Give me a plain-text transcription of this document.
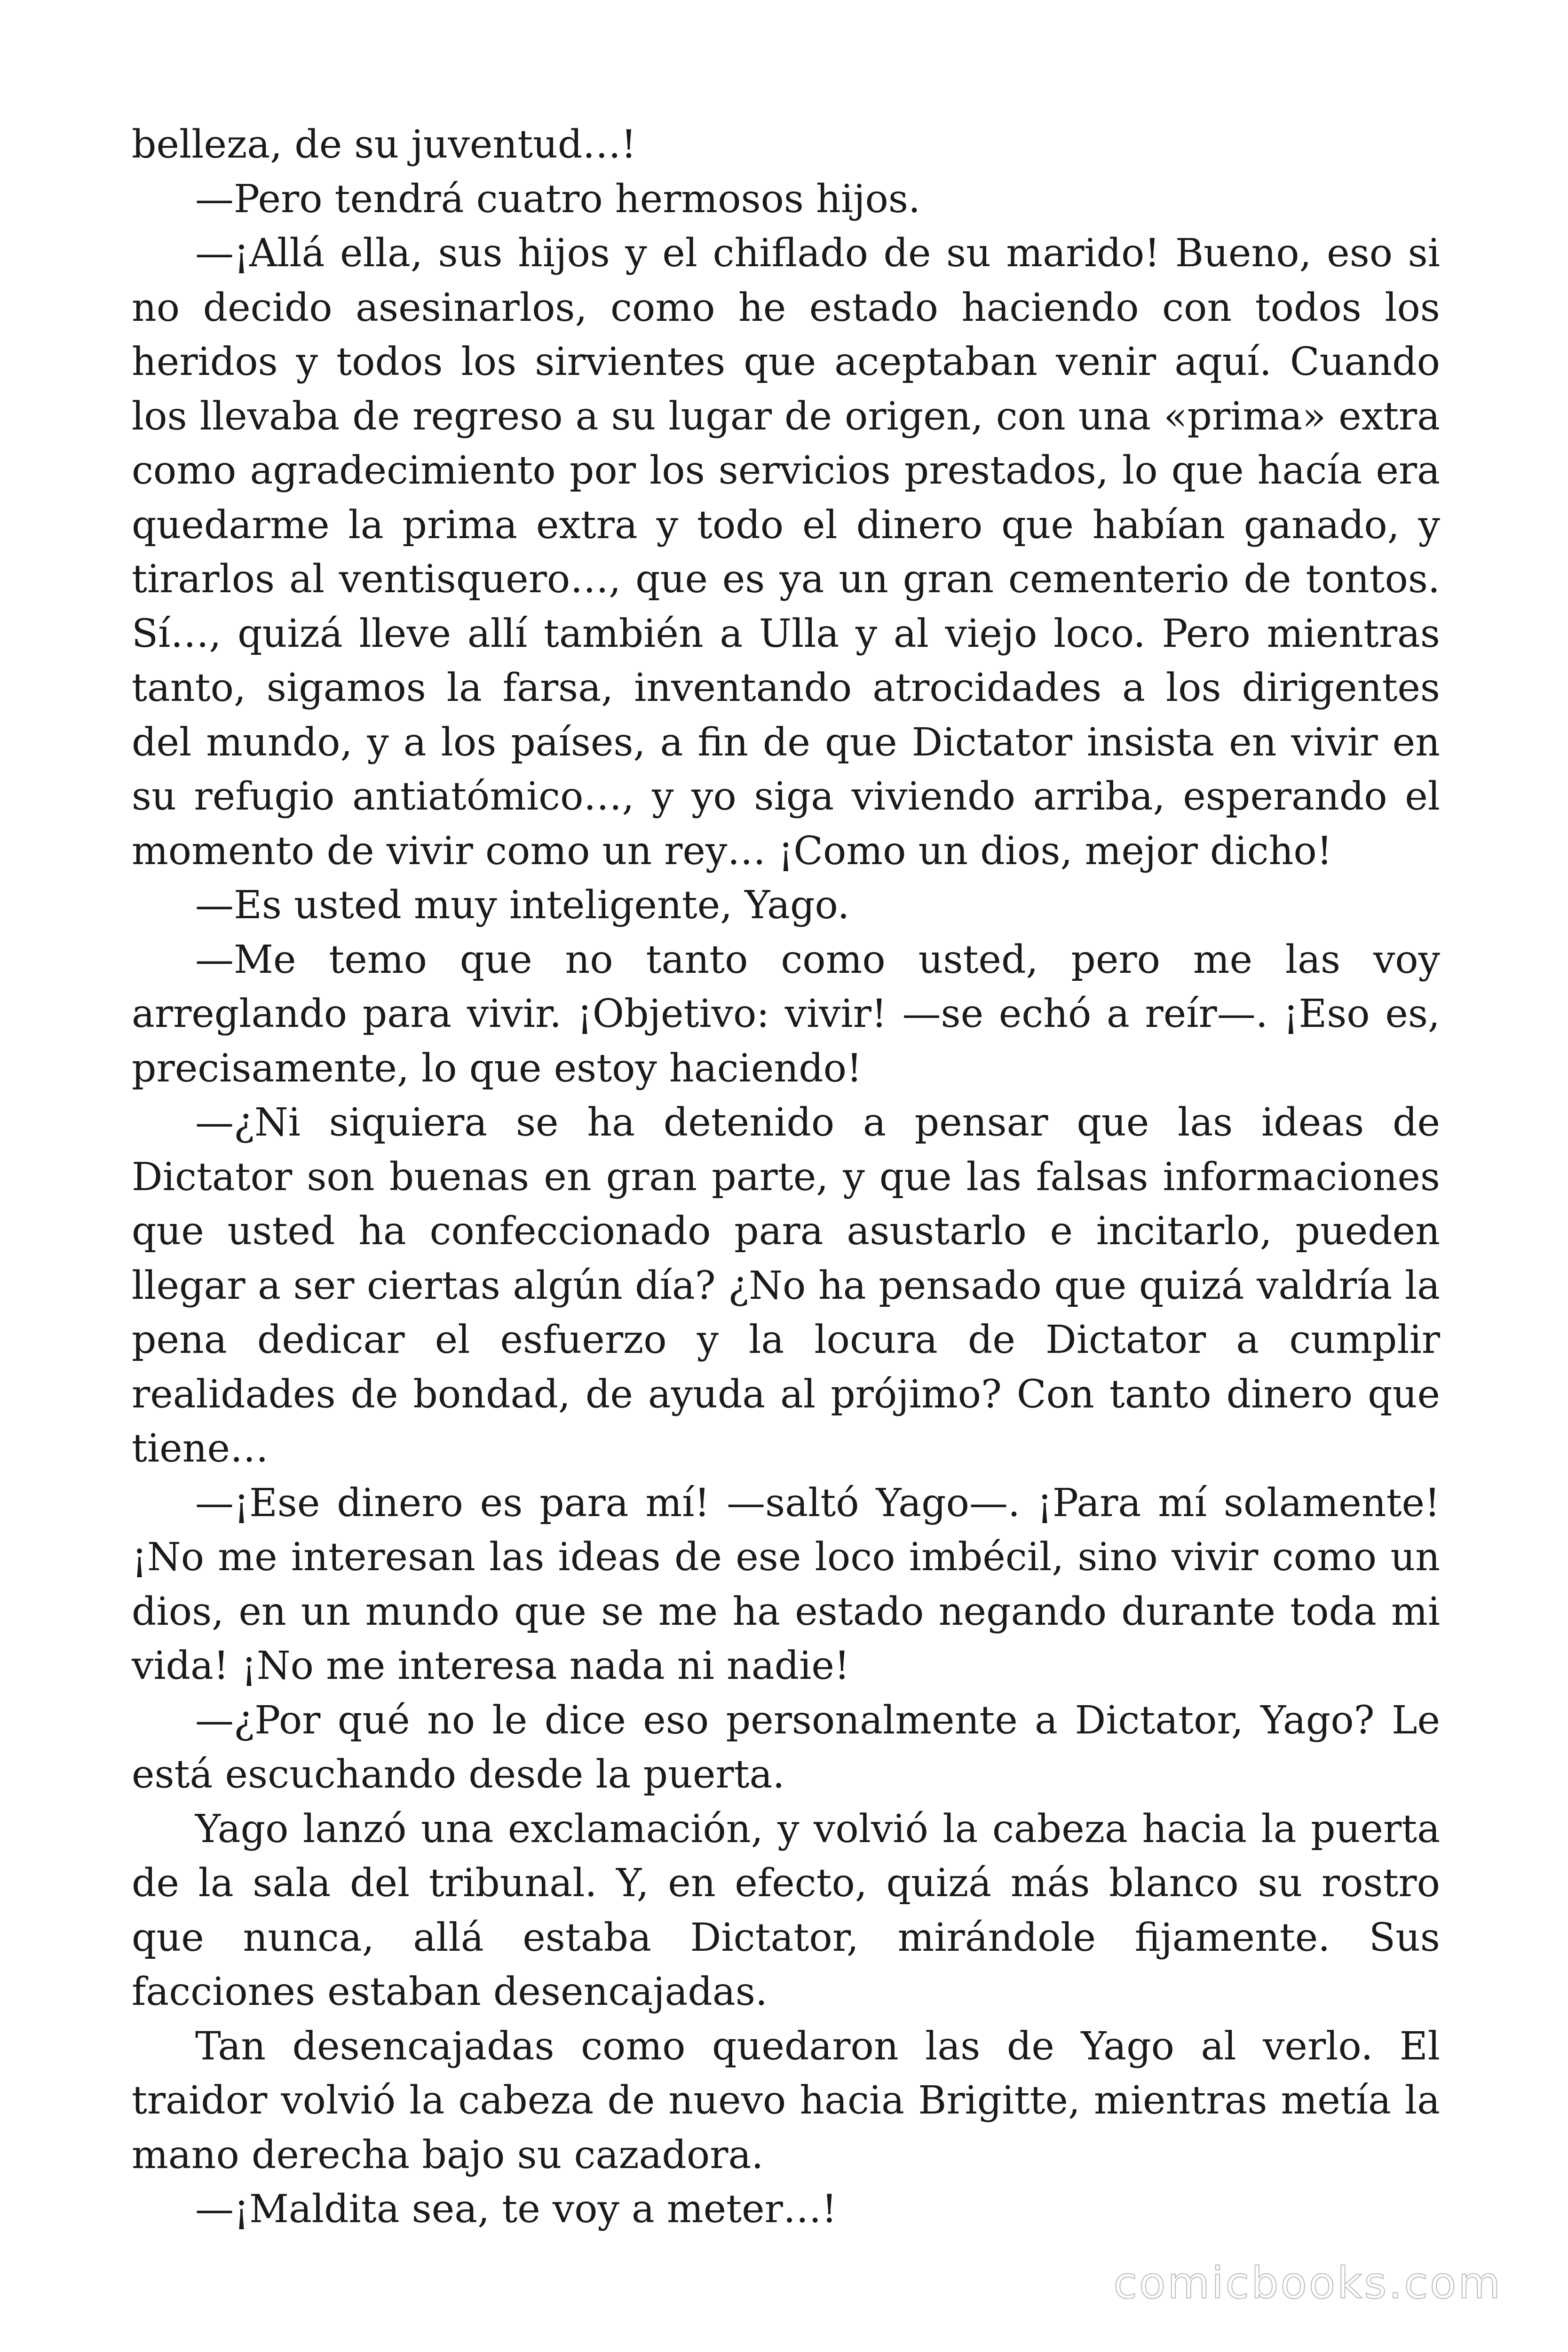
belleza, de su juventud…!

—Pero tendrá cuatro hermosos hijos.

—¡Allá ella, sus hijos y el chiflado de su marido! Bueno, eso si no decido asesinarlos, como he estado haciendo con todos los heridos y todos los sirvientes que aceptaban venir aquí. Cuando los llevaba de regreso a su lugar de origen, con una «prima» extra como agradecimiento por los servicios prestados, lo que hacía era quedarme la prima extra y todo el dinero que habían ganado, y tirarlos al ventisquero…, que es ya un gran cementerio de tontos. Sí…, quizá lleve allí también a Ulla y al viejo loco. Pero mientras tanto, sigamos la farsa, inventando atrocidades a los dirigentes del mundo, y a los países, a fin de que Dictator insista en vivir en su refugio antiatómico…, y yo siga viviendo arriba, esperando el momento de vivir como un rey… ¡Como un dios, mejor dicho!

—Es usted muy inteligente, Yago.

—Me temo que no tanto como usted, pero me las voy arreglando para vivir. ¡Objetivo: vivir! —se echó a reír—. ¡Eso es, precisamente, lo que estoy haciendo!

—¿Ni siquiera se ha detenido a pensar que las ideas de Dictator son buenas en gran parte, y que las falsas informaciones que usted ha confeccionado para asustarlo e incitarlo, pueden llegar a ser ciertas algún día? ¿No ha pensado que quizá valdría la pena dedicar el esfuerzo y la locura de Dictator a cumplir realidades de bondad, de ayuda al prójimo? Con tanto dinero que tiene…

—¡Ese dinero es para mí! —saltó Yago—. ¡Para mí solamente! ¡No me interesan las ideas de ese loco imbécil, sino vivir como un dios, en un mundo que se me ha estado negando durante toda mi vida! ¡No me interesa nada ni nadie!

—¿Por qué no le dice eso personalmente a Dictator, Yago? Le está escuchando desde la puerta.

Yago lanzó una exclamación, y volvió la cabeza hacia la puerta de la sala del tribunal. Y, en efecto, quizá más blanco su rostro que nunca, allá estaba Dictator, mirándole fijamente. Sus facciones estaban desencajadas.

Tan desencajadas como quedaron las de Yago al verlo. El traidor volvió la cabeza de nuevo hacia Brigitte, mientras metía la mano derecha bajo su cazadora.

—¡Maldita sea, te voy a meter…!

comicbooks.com
